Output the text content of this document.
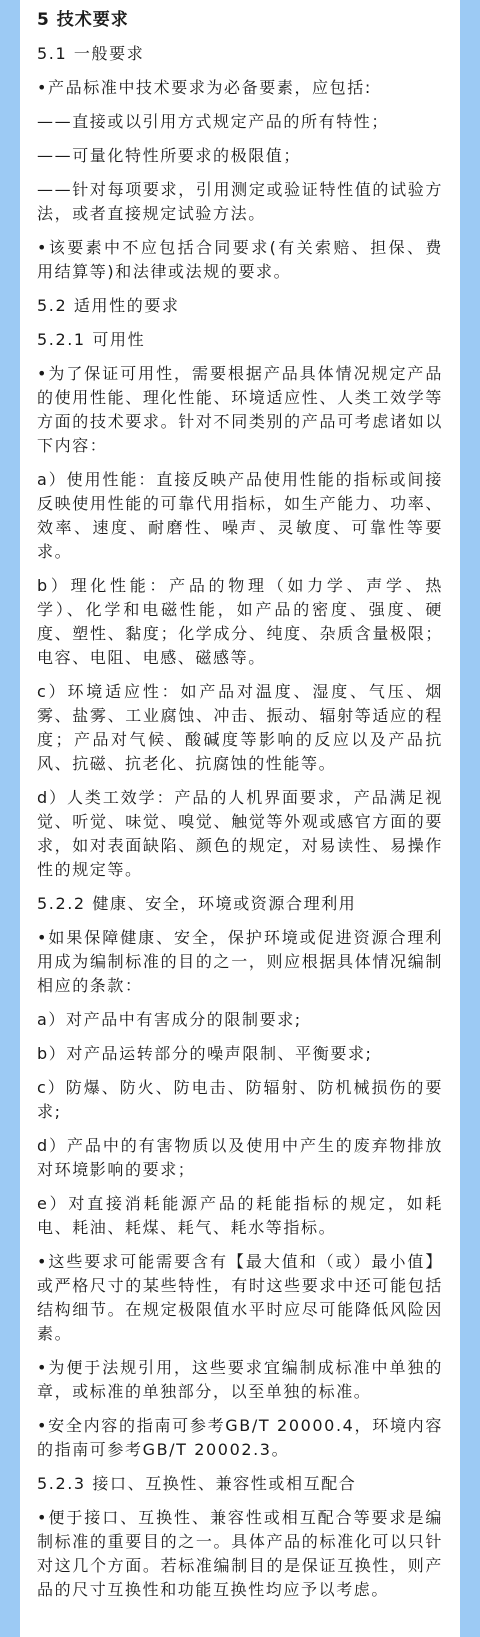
5 技术要求
5.1 一般要求
•产品标准中技术要求为必备要素，应包括:
——直接或以引用方式规定产品的所有特性；
——可量化特性所要求的极限值；
——针对每项要求，引用测定或验证特性值的试验方法，或者直接规定试验方法。
•该要素中不应包括合同要求(有关索赔、担保、费用结算等)和法律或法规的要求。
5.2 适用性的要求
5.2.1 可用性
•为了保证可用性，需要根据产品具体情况规定产品的使用性能、理化性能、环境适应性、人类工效学等方面的技术要求。针对不同类别的产品可考虑诸如以下内容：
a）使用性能：直接反映产品使用性能的指标或间接反映使用性能的可靠代用指标，如生产能力、功率、效率、速度、耐磨性、噪声、灵敏度、可靠性等要求。
b）理化性能：产品的物理（如力学、声学、热学）、化学和电磁性能，如产品的密度、强度、硬度、塑性、黏度；化学成分、纯度、杂质含量极限；电容、电阻、电感、磁感等。
c）环境适应性：如产品对温度、湿度、气压、烟雾、盐雾、工业腐蚀、冲击、振动、辐射等适应的程度；产品对气候、酸碱度等影响的反应以及产品抗风、抗磁、抗老化、抗腐蚀的性能等。
d）人类工效学：产品的人机界面要求，产品满足视觉、听觉、味觉、嗅觉、触觉等外观或感官方面的要求，如对表面缺陷、颜色的规定，对易读性、易操作性的规定等。
5.2.2 健康、安全，环境或资源合理利用
•如果保障健康、安全，保护环境或促进资源合理利用成为编制标准的目的之一，则应根据具体情况编制相应的条款：
a）对产品中有害成分的限制要求;
b）对产品运转部分的噪声限制、平衡要求;
c）防爆、防火、防电击、防辐射、防机械损伤的要求;
d）产品中的有害物质以及使用中产生的废弃物排放对环境影响的要求；
e）对直接消耗能源产品的耗能指标的规定，如耗电、耗油、耗煤、耗气、耗水等指标。
•这些要求可能需要含有【最大值和（或）最小值】或严格尺寸的某些特性，有时这些要求中还可能包括结构细节。在规定极限值水平时应尽可能降低风险因素。
•为便于法规引用，这些要求宜编制成标准中单独的章，或标准的单独部分，以至单独的标准。
•安全内容的指南可参考GB/T 20000.4，环境内容的指南可参考GB/T 20002.3。
5.2.3 接口、互换性、兼容性或相互配合
•便于接口、互换性、兼容性或相互配合等要求是编制标准的重要目的之一。具体产品的标准化可以只针对这几个方面。若标准编制目的是保证互换性，则产品的尺寸互换性和功能互换性均应予以考虑。
